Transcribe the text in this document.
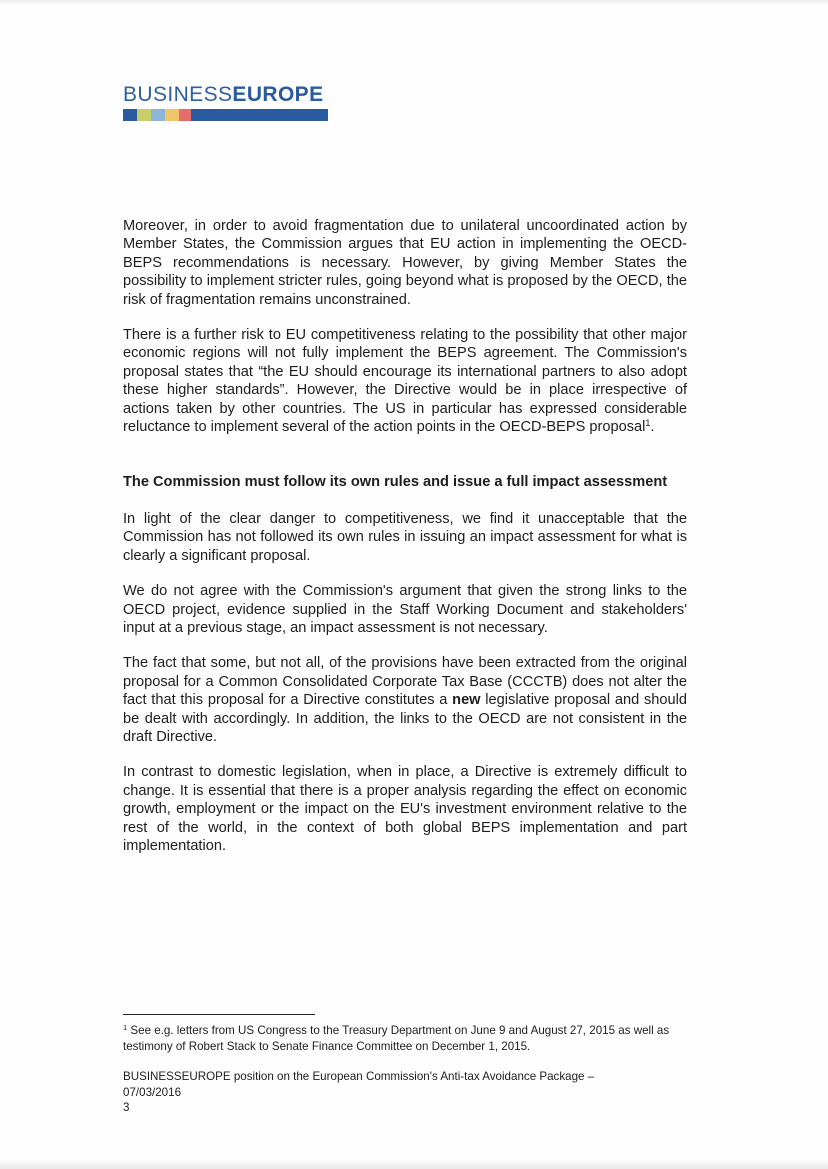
BUSINESSEUROPE

Moreover, in order to avoid fragmentation due to unilateral uncoordinated action by Member States, the Commission argues that EU action in implementing the OECD-BEPS recommendations is necessary. However, by giving Member States the possibility to implement stricter rules, going beyond what is proposed by the OECD, the risk of fragmentation remains unconstrained.

There is a further risk to EU competitiveness relating to the possibility that other major economic regions will not fully implement the BEPS agreement. The Commission's proposal states that “the EU should encourage its international partners to also adopt these higher standards”. However, the Directive would be in place irrespective of actions taken by other countries. The US in particular has expressed considerable reluctance to implement several of the action points in the OECD-BEPS proposal$^1$.

The Commission must follow its own rules and issue a full impact assessment

In light of the clear danger to competitiveness, we find it unacceptable that the Commission has not followed its own rules in issuing an impact assessment for what is clearly a significant proposal.

We do not agree with the Commission's argument that given the strong links to the OECD project, evidence supplied in the Staff Working Document and stakeholders' input at a previous stage, an impact assessment is not necessary.

The fact that some, but not all, of the provisions have been extracted from the original proposal for a Common Consolidated Corporate Tax Base (CCCTB) does not alter the fact that this proposal for a Directive constitutes a new legislative proposal and should be dealt with accordingly. In addition, the links to the OECD are not consistent in the draft Directive.

In contrast to domestic legislation, when in place, a Directive is extremely difficult to change. It is essential that there is a proper analysis regarding the effect on economic growth, employment or the impact on the EU's investment environment relative to the rest of the world, in the context of both global BEPS implementation and part implementation.

$^1$ See e.g. letters from US Congress to the Treasury Department on June 9 and August 27, 2015 as well as testimony of Robert Stack to Senate Finance Committee on December 1, 2015.
BUSINESSEUROPE position on the European Commission's Anti-tax Avoidance Package –
07/03/2016
3
